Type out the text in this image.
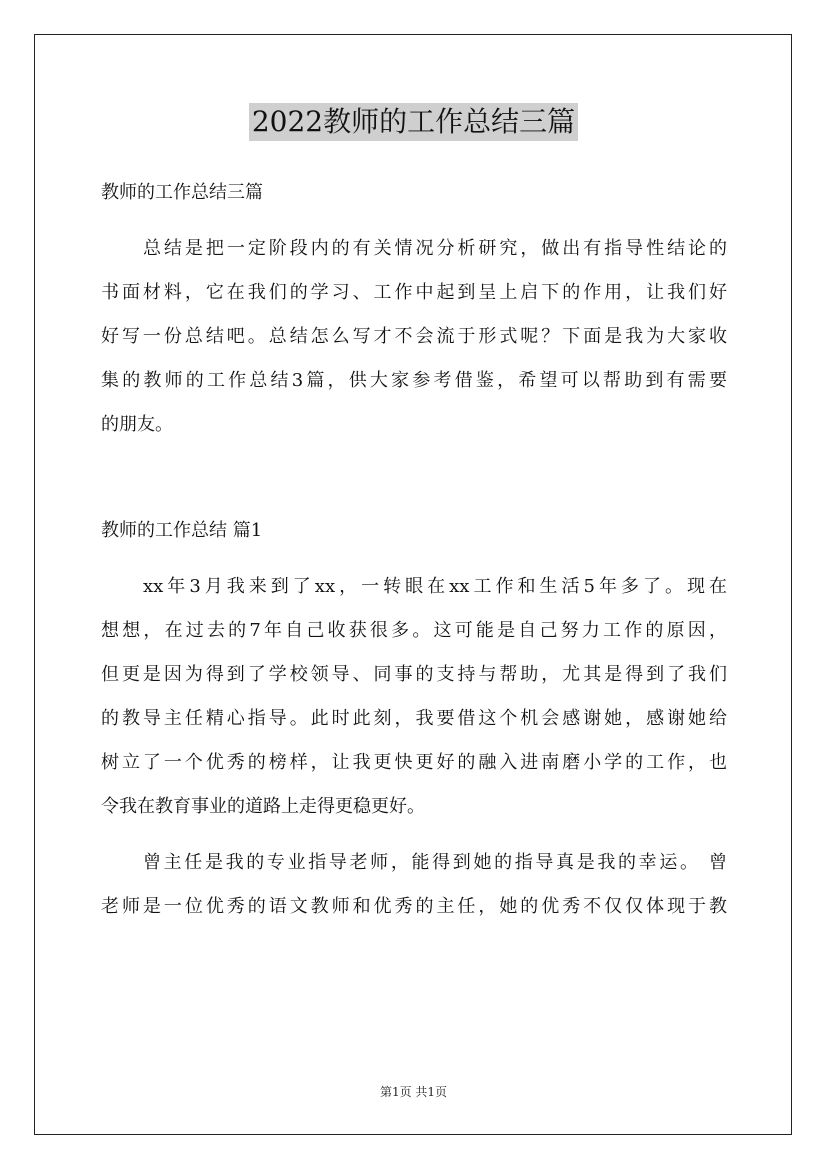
2022教师的工作总结三篇

教师的工作总结三篇

总结是把一定阶段内的有关情况分析研究，做出有指导性结论的

书面材料，它在我们的学习、工作中起到呈上启下的作用，让我们好

好写一份总结吧。总结怎么写才不会流于形式呢？下面是我为大家收

集的教师的工作总结3篇，供大家参考借鉴，希望可以帮助到有需要

的朋友。

教师的工作总结 篇1

xx年3月我来到了xx，一转眼在xx工作和生活5年多了。现在

想想，在过去的7年自己收获很多。这可能是自己努力工作的原因，

但更是因为得到了学校领导、同事的支持与帮助，尤其是得到了我们

的教导主任精心指导。此时此刻，我要借这个机会感谢她，感谢她给

树立了一个优秀的榜样，让我更快更好的融入进南磨小学的工作，也

令我在教育事业的道路上走得更稳更好。

曾主任是我的专业指导老师，能得到她的指导真是我的幸运。 曾

老师是一位优秀的语文教师和优秀的主任，她的优秀不仅仅体现于教

第1页 共1页
